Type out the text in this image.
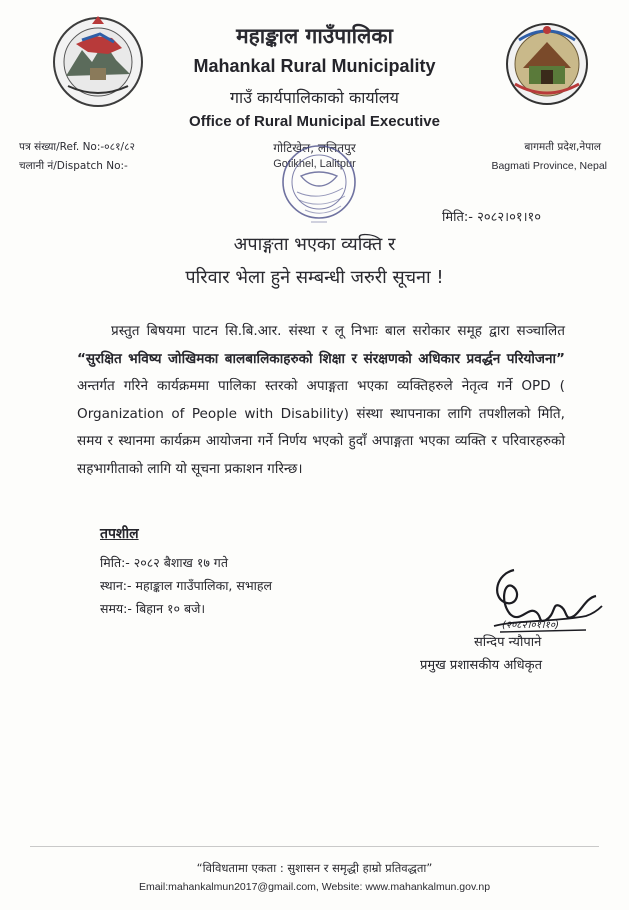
महाङ्काल गाउँपालिका
Mahankal Rural Municipality
गाउँ कार्यपालिकाको कार्यालय
Office of Rural Municipal Executive
गोटिखेल, ललितपुर
Gotikhel, Lalitpur
पत्र संख्या/Ref. No:-०८१/८२
चलानी नं/Dispatch No:-
बागमती प्रदेश,नेपाल
Bagmati Province, Nepal
मिति:- २०८२।०१।१०
अपाङ्गता भएका व्यक्ति र
परिवार भेला हुने सम्बन्धी जरुरी सूचना !

प्रस्तुत बिषयमा पाटन सि.बि.आर. संस्था र लू निभाः बाल सरोकार समूह द्वारा सञ्चालित “सुरक्षित भविष्य जोखिमका बालबालिकाहरुको शिक्षा र संरक्षणको अधिकार प्रवर्द्धन परियोजना” अन्तर्गत गरिने कार्यक्रममा पालिका स्तरको अपाङ्गता भएका व्यक्तिहरुले नेतृत्व गर्ने OPD ( Organization of People with Disability) संस्था स्थापनाका लागि तपशीलको मिति, समय र स्थानमा कार्यक्रम आयोजना गर्ने निर्णय भएको हुदाँ अपाङ्गता भएका व्यक्ति र परिवारहरुको सहभागीताको लागि यो सूचना प्रकाशन गरिन्छ।

तपशील
मिति:- २०८२ बैशाख १७ गते
स्थान:- महाङ्काल गाउँपालिका, सभाहल
समय:- बिहान १० बजे।
(२०८२।०१।१०)
सन्दिप न्यौपाने
प्रमुख प्रशासकीय अधिकृत
“विविधतामा एकता : सुशासन र समृद्धी हाम्रो प्रतिवद्धता”
Email:mahankalmun2017@gmail.com, Website: www.mahankalmun.gov.np
